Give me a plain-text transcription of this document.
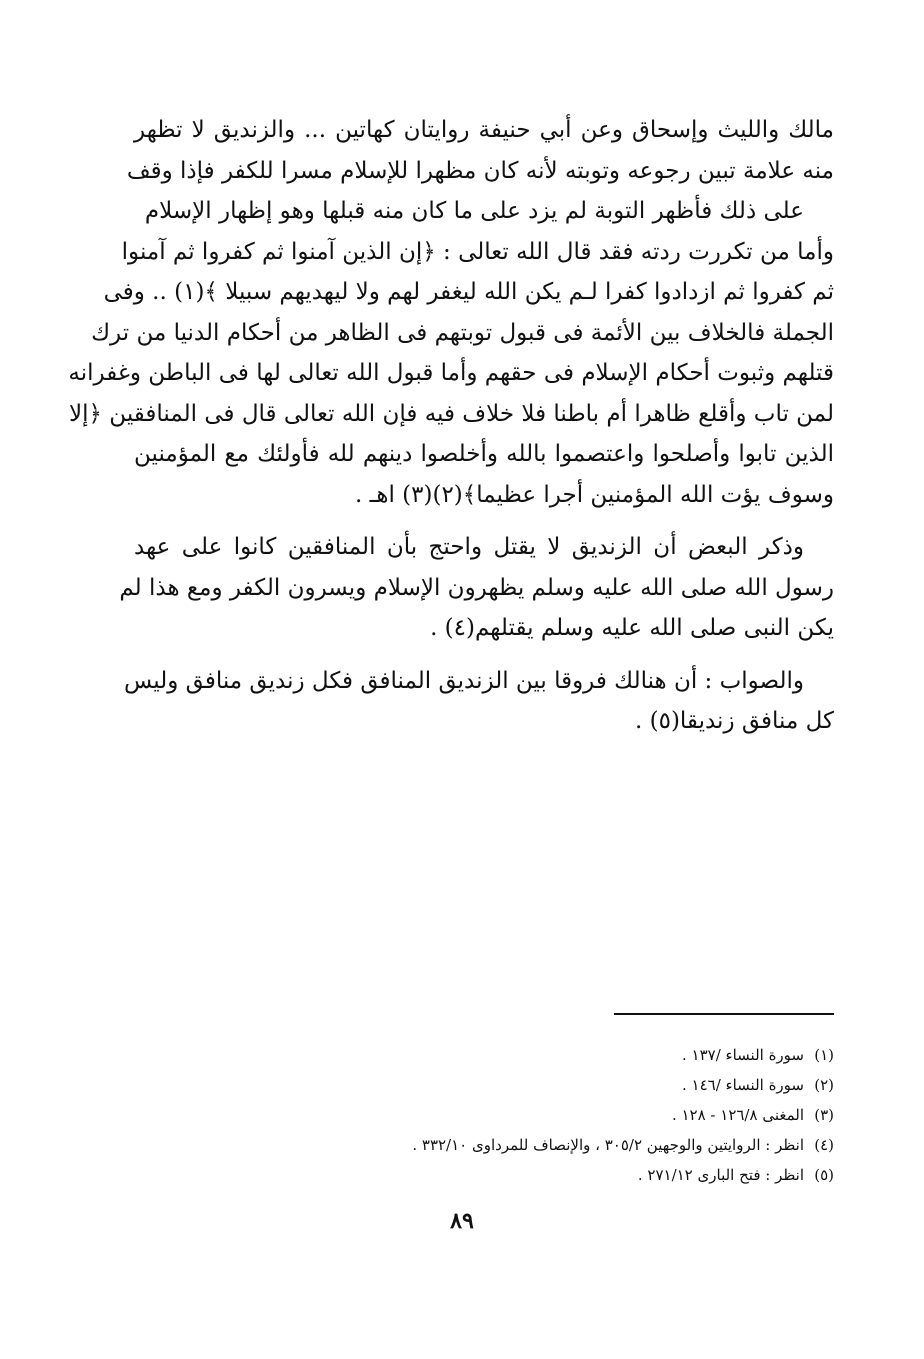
مالك والليث وإسحاق وعن أبي حنيفة روايتان كهاتين ... والزنديق لا تظهر
منه علامة تبين رجوعه وتوبته لأنه كان مظهرا للإسلام مسرا للكفر فإذا وقف
على ذلك فأظهر التوبة لم يزد على ما كان منه قبلها وهو إظهار الإسلام
وأما من تكررت ردته فقد قال الله تعالى : ﴿إن الذين آمنوا ثم كفروا ثم آمنوا
ثم كفروا ثم ازدادوا كفرا لـم يكن الله ليغفر لهم ولا ليهديهم سبيلا ﴾(١) .. وفى
الجملة فالخلاف بين الأئمة فى قبول توبتهم فى الظاهر من أحكام الدنيا من ترك
قتلهم وثبوت أحكام الإسلام فى حقهم وأما قبول الله تعالى لها فى الباطن وغفرانه
لمن تاب وأقلع ظاهرا أم باطنا فلا خلاف فيه فإن الله تعالى قال فى المنافقين ﴿إلا
الذين تابوا وأصلحوا واعتصموا بالله وأخلصوا دينهم لله فأولئك مع المؤمنين
وسوف يؤت الله المؤمنين أجرا عظيما﴾(٢)(٣) اهـ .

وذكر البعض أن الزنديق لا يقتل واحتج بأن المنافقين كانوا على عهد
رسول الله صلى الله عليه وسلم يظهرون الإسلام ويسرون الكفر ومع هذا لم
يكن النبى صلى الله عليه وسلم يقتلهم(٤) .

والصواب : أن هنالك فروقا بين الزنديق المنافق فكل زنديق منافق وليس
كل منافق زنديقا(٥) .

(١)
سورة النساء /١٣٧ .
(٢)
سورة النساء /١٤٦ .
(٣)
المغنى ١٢٦/٨ - ١٢٨ .
(٤)
انظر : الروايتين والوجهين ٣٠٥/٢ ، والإنصاف للمرداوى ٣٣٢/١٠ .
(٥)
انظر : فتح البارى ٢٧١/١٢ .
٨٩
